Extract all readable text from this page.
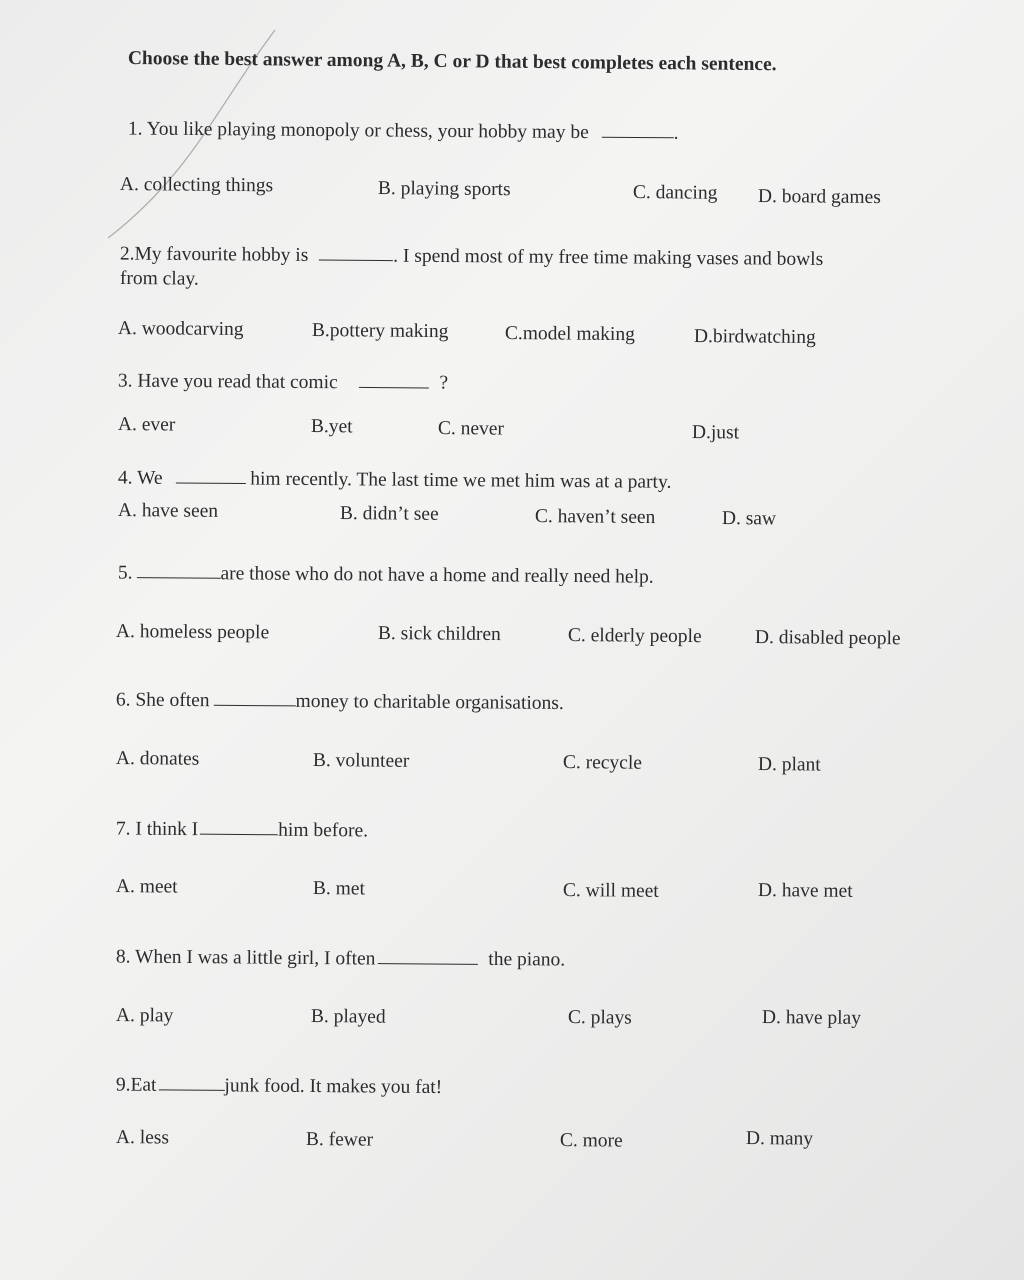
Choose the best answer among A, B, C or D that best completes each sentence.
1. You like playing monopoly or chess, your hobby may be	.
A. collecting things	B. playing sports	C. dancing D. board games
2.My favourite hobby is	. I spend most of my free time making vases and bowls
from clay.
A. woodcarving	B.pottery making	C.model making	D.birdwatching
3. Have you read that comic	?
A. ever	B.yet	C. never	D.just
4. We	him recently. The last time we met him was at a party.
A. have seen	B. didn’t see	C. haven’t seen	D. saw
5.	are those who do not have a home and really need help.
A. homeless people	B. sick children	C. elderly people	D. disabled people
6. She often	money to charitable organisations.
A. donates	B. volunteer	C. recycle	D. plant
7. I think I	him before.
A. meet	B. met	C. will meet	D. have met
8. When I was a little girl, I often	the piano.
A. play	B. played	C. plays	D. have play
9.Eat	junk food. It makes you fat!
A. less	B. fewer	C. more	D. many
